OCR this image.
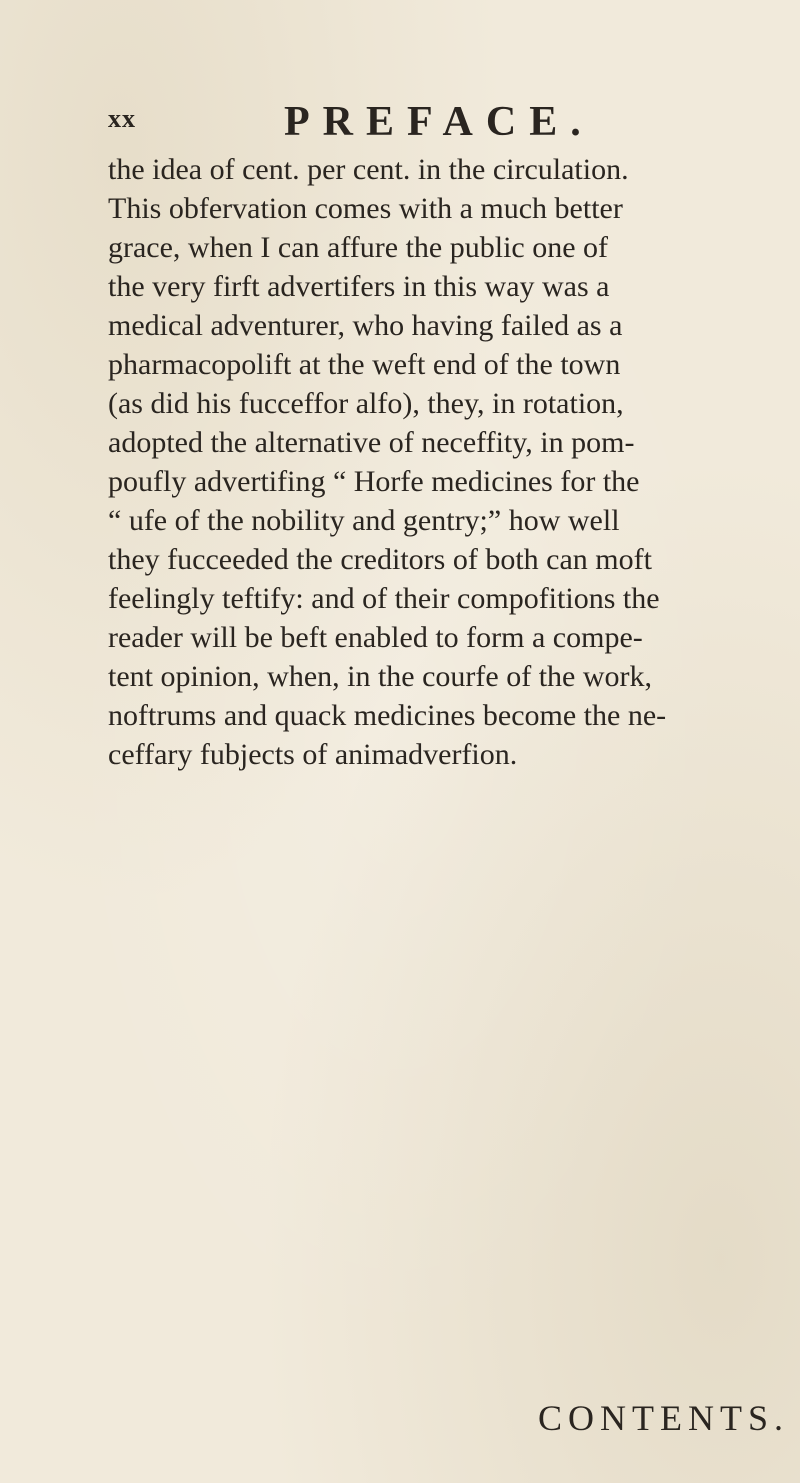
xx	PREFACE.
the idea of cent. per cent. in the circulation.
This obfervation comes with a much better
grace, when I can affure the public one of
the very firft advertifers in this way was a
medical adventurer, who having failed as a
pharmacopolift at the weft end of the town
(as did his fucceffor alfo), they, in rotation,
adopted the alternative of neceffity, in pom-
poufly advertifing “ Horfe medicines for the
“ ufe of the nobility and gentry;” how well
they fucceeded the creditors of both can moft
feelingly teftify: and of their compofitions the
reader will be beft enabled to form a compe-
tent opinion, when, in the courfe of the work,
noftrums and quack medicines become the ne-
ceffary fubjects of animadverfion.
CONTENTS.
